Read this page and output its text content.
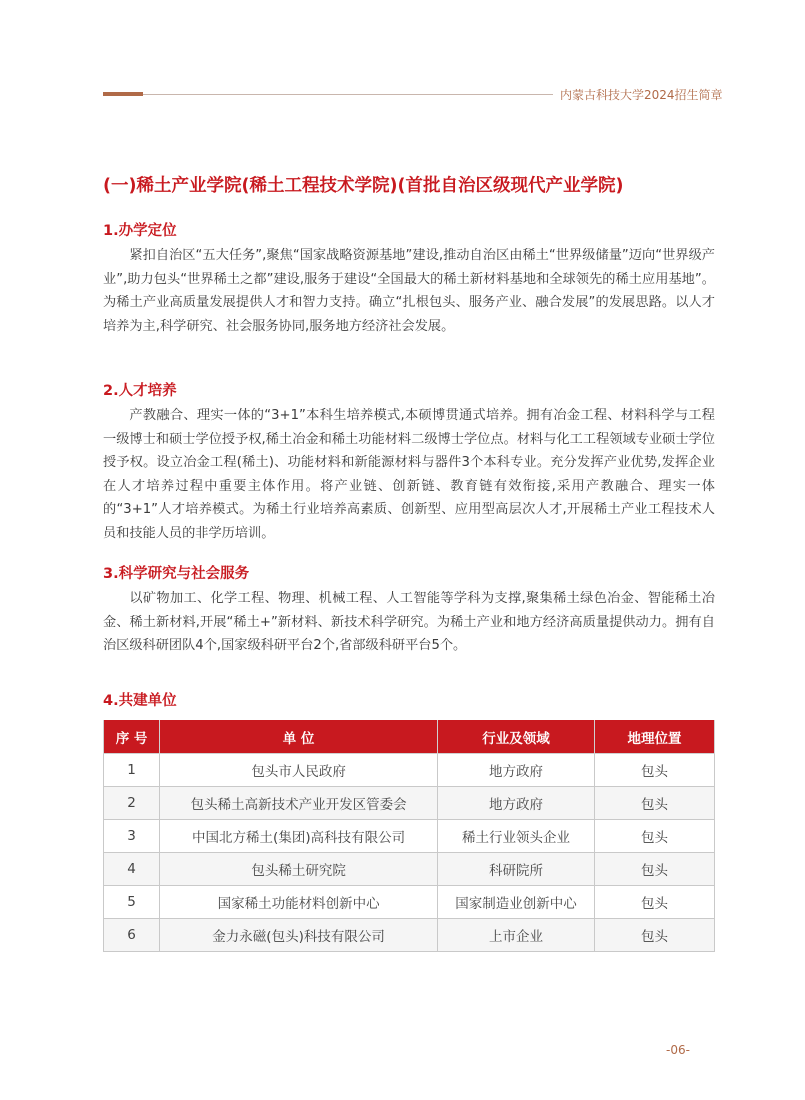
内蒙古科技大学2024招生简章
(一)稀土产业学院(稀土工程技术学院)(首批自治区级现代产业学院)
1.办学定位

紧扣自治区“五大任务”,聚焦“国家战略资源基地”建设,推动自治区由稀土“世界级储量”迈向“世界级产业”,助力包头“世界稀土之都”建设,服务于建设“全国最大的稀土新材料基地和全球领先的稀土应用基地”。为稀土产业高质量发展提供人才和智力支持。确立“扎根包头、服务产业、融合发展”的发展思路。以人才培养为主,科学研究、社会服务协同,服务地方经济社会发展。

2.人才培养

产教融合、理实一体的“3+1”本科生培养模式,本硕博贯通式培养。拥有冶金工程、材料科学与工程一级博士和硕士学位授予权,稀土冶金和稀土功能材料二级博士学位点。材料与化工工程领域专业硕士学位授予权。设立冶金工程(稀土)、功能材料和新能源材料与器件3个本科专业。充分发挥产业优势,发挥企业在人才培养过程中重要主体作用。将产业链、创新链、教育链有效衔接,采用产教融合、理实一体的“3+1”人才培养模式。为稀土行业培养高素质、创新型、应用型高层次人才,开展稀土产业工程技术人员和技能人员的非学历培训。

3.科学研究与社会服务

以矿物加工、化学工程、物理、机械工程、人工智能等学科为支撑,聚集稀土绿色冶金、智能稀土冶金、稀土新材料,开展“稀土+”新材料、新技术科学研究。为稀土产业和地方经济高质量提供动力。拥有自治区级科研团队4个,国家级科研平台2个,省部级科研平台5个。

4.共建单位
序 号	单 位	行业及领域	地理位置
1	包头市人民政府	地方政府	包头
2	包头稀土高新技术产业开发区管委会	地方政府	包头
3	中国北方稀土(集团)高科技有限公司	稀土行业领头企业	包头
4	包头稀土研究院	科研院所	包头
5	国家稀土功能材料创新中心	国家制造业创新中心	包头
6	金力永磁(包头)科技有限公司	上市企业	包头
-06-
